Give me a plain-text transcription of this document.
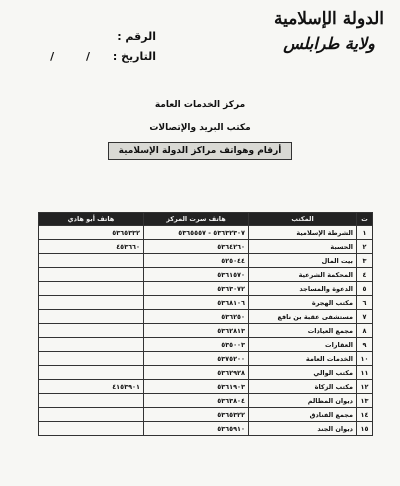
الدولة الإسلامية
ولاية طرابلس
الرقم :
التاريخ :
/ /
مركز الخدمات العامة
مكتب البريد والإتصالات
أرقام وهواتف مراكز الدولة الإسلامية
ت	المكتب	هاتف سرت المركز	هاتف أبو هادي
١	الشرطة الإسلامية	٥٣٦٣٢٣٠٧ - ٥٣٦٥٥٥٧	٥٣٦٥٣٣٢
٢	الحسبة	٥٣٦٤٢٦٠	٤٥٣٦٦٠
٣	بيت المال	٥٢٥٠٤٤	
٤	المحكمة الشرعية	٥٣٦١٥٧٠	
٥	الدعوة والمساجد	٥٣٦٣٠٧٢	
٦	مكتب الهجرة	٥٣٦٨١٠٦	
٧	مستشفى عقبة بن نافع	٥٣٦٢٥٠	
٨	مجمع العيادات	٥٣٦٢٨١٣	
٩	العقارات	٥٣٥٠٠٣	
١٠	الخدمات العامة	٥٣٧٥٢٠٠	
١١	مكتب الوالي	٥٣٦٢٩٢٨	
١٢	مكتب الزكاة	٥٣٦١٩٠٣	٤١٥٣٩٠١
١٣	ديوان المظالم	٥٣٦٣٨٠٤	
١٤	مجمع الفنادق	٥٣٦٥٣٢٢	
١٥	ديوان الجند	٥٣٦٥٩١٠	
